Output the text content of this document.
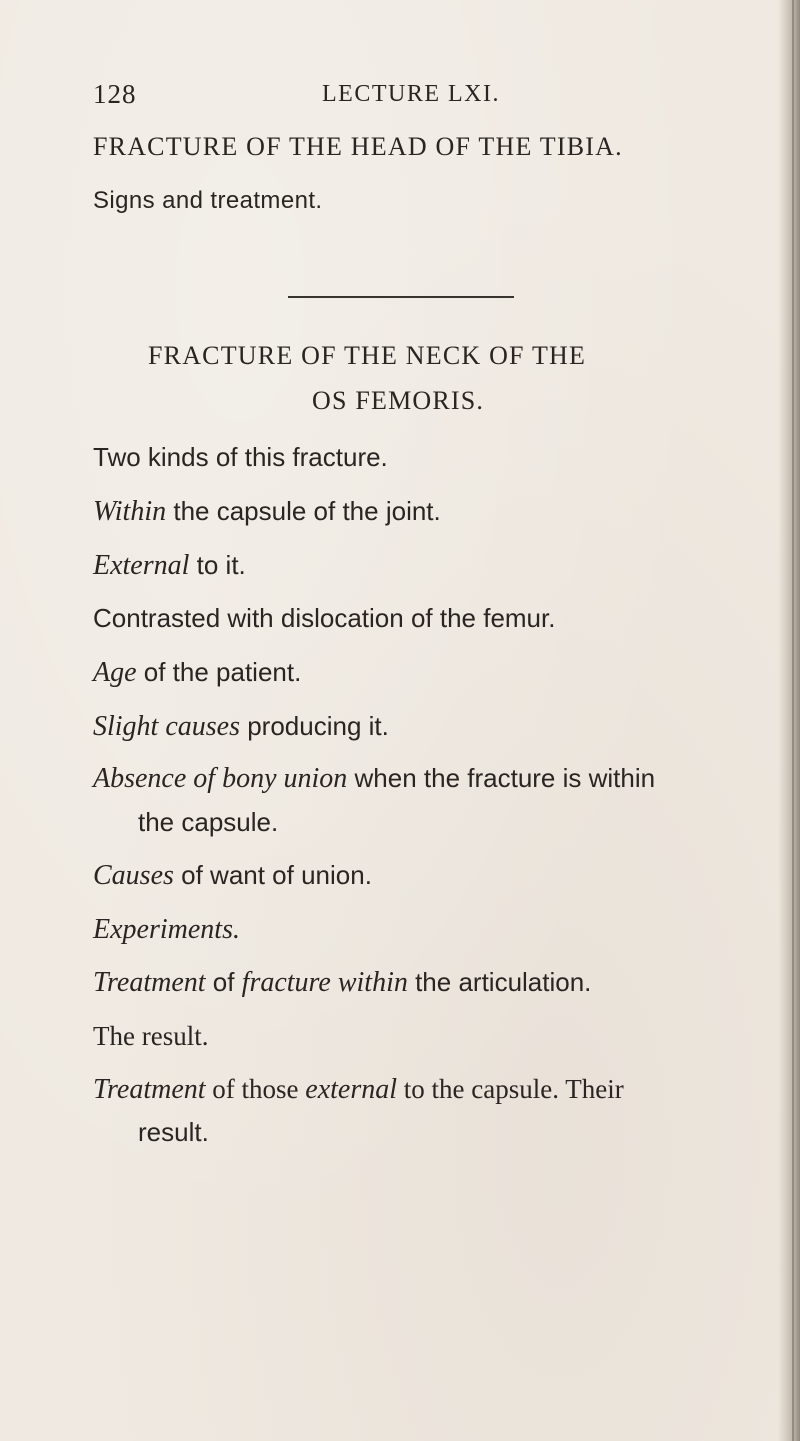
128	LECTURE LXI.
FRACTURE OF THE HEAD OF THE TIBIA.
Signs and treatment.
FRACTURE OF THE NECK OF THE
OS FEMORIS.
Two kinds of this fracture.
Within the capsule of the joint.
External to it.
Contrasted with dislocation of the femur.
Age of the patient.
Slight causes producing it.
Absence of bony union when the fracture is within
the capsule.
Causes of want of union.
Experiments.
Treatment of fracture within the articulation.
The result.
Treatment of those external to the capsule. Their
result.
